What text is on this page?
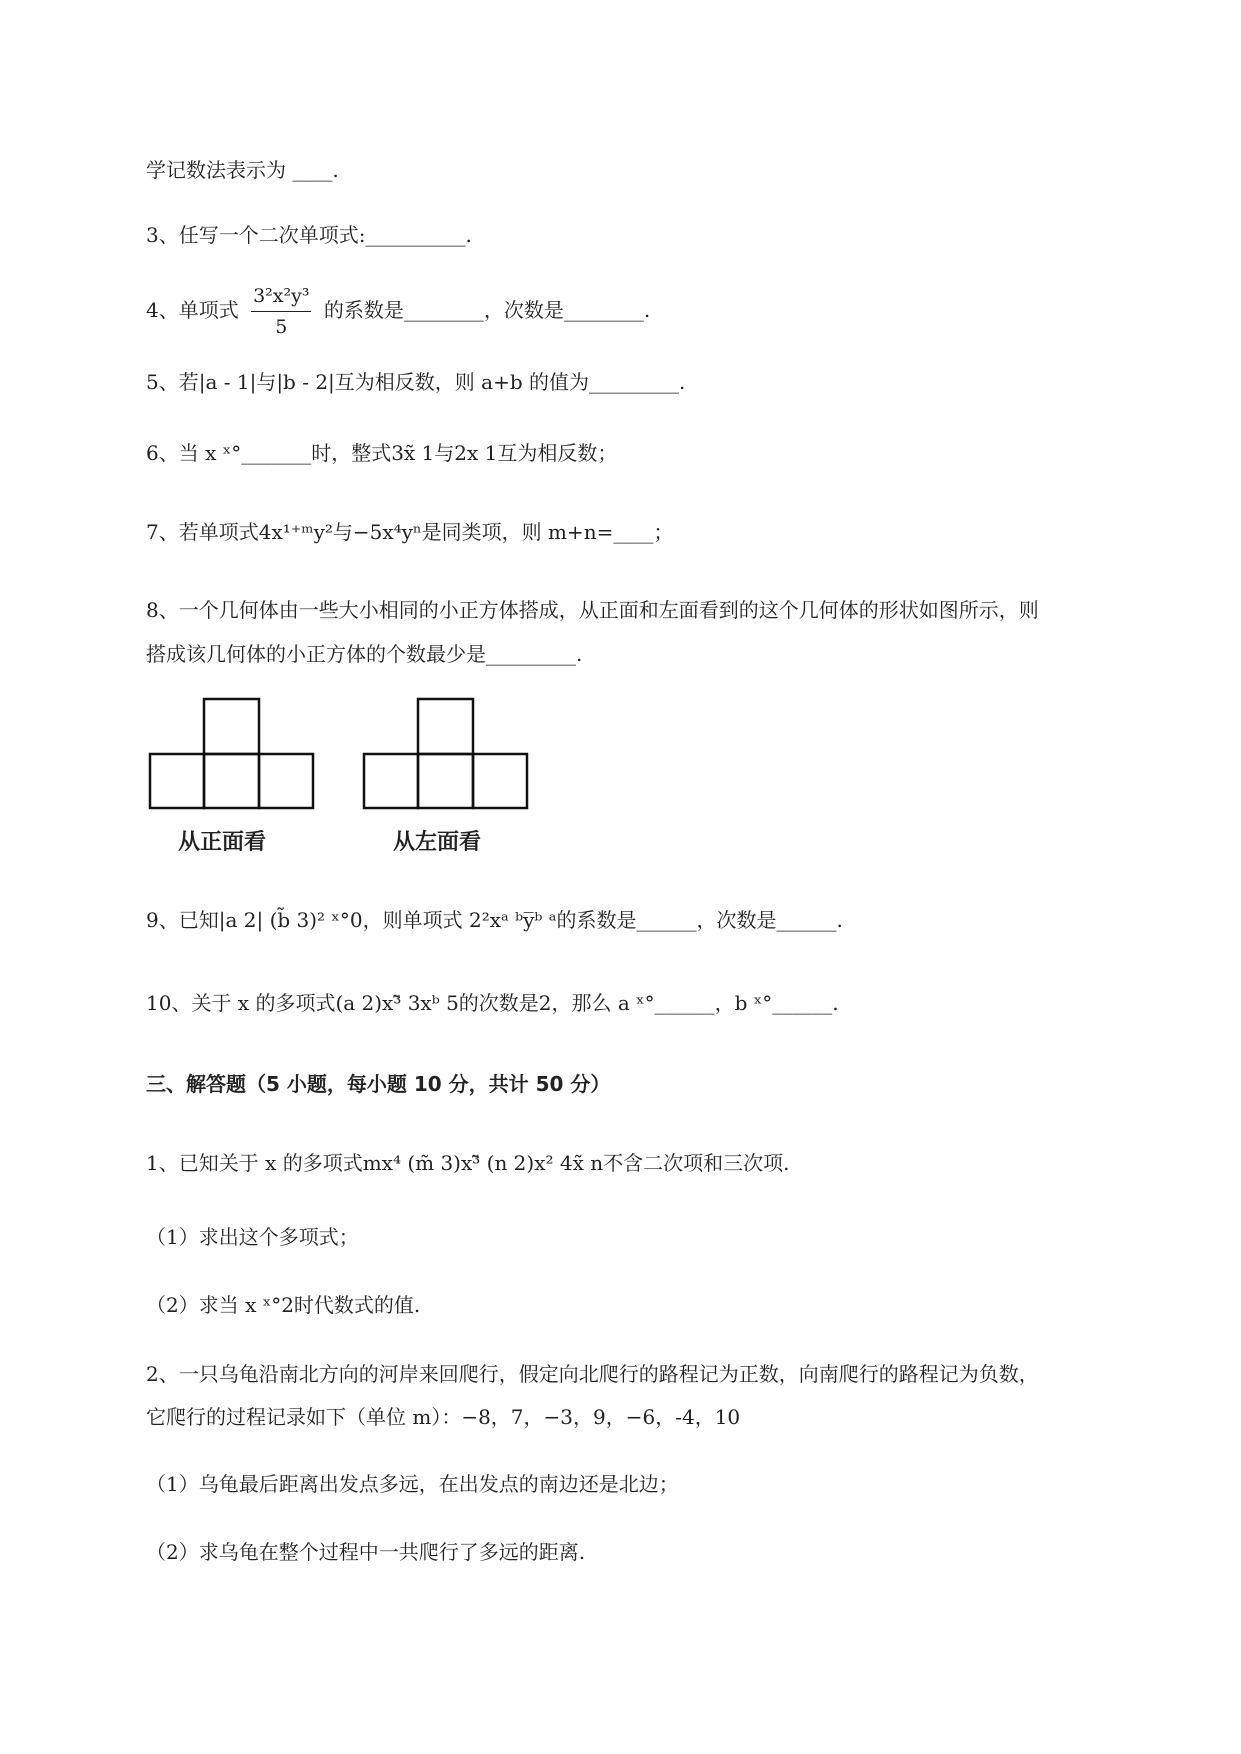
学记数法表示为 ____.
3、任写一个二次单项式:__________.
4、单项式 $\frac{\text{3²x²y³}}{5}$ 的系数是________，次数是________.
5、若|a - 1|与|b - 2|互为相反数，则 a+b 的值为_________.
6、当 x ˣ°_______时，整式3x̃ 1与2x 1互为相反数；
7、若单项式4x¹⁺ᵐy²与−5x⁴yⁿ是同类项，则 m+n=____；
8、一个几何体由一些大小相同的小正方体搭成，从正面和左面看到的这个几何体的形状如图所示，则
搭成该几何体的小正方体的个数最少是_________.
从正面看	从左面看
9、已知|a 2| (b̃ 3)² ˣ°0，则单项式 2²xᵃ ᵇy̅ᵇ ᵃ的系数是______，次数是______.
10、关于 x 的多项式(a 2)x³̃ 3xᵇ 5的次数是2，那么 a ˣ°______，b ˣ°______.
三、解答题（5 小题，每小题 10 分，共计 50 分）
1、已知关于 x 的多项式mx⁴ (m̃ 3)x³̃ (n 2)x² 4x̃ n不含二次项和三次项.
（1）求出这个多项式；
（2）求当 x ˣ°2时代数式的值.
2、一只乌龟沿南北方向的河岸来回爬行，假定向北爬行的路程记为正数，向南爬行的路程记为负数，
它爬行的过程记录如下（单位 m）：−8，7，−3，9，−6，-4，10
（1）乌龟最后距离出发点多远，在出发点的南边还是北边；
（2）求乌龟在整个过程中一共爬行了多远的距离.
